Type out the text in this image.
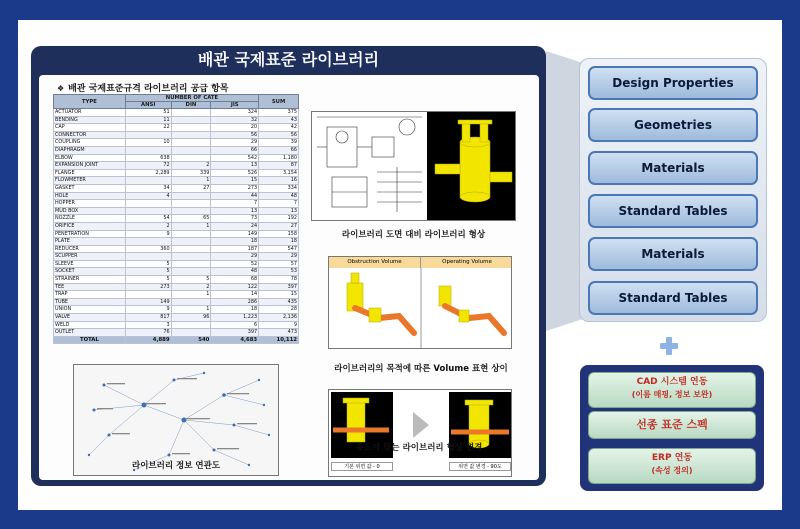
배관 국제표준 라이브러리
❖ 배관 국제표준규격 라이브러리 공급 항목
TYPE	NUMBER OF CATE			SUM
	ANSI	DIN	JIS	
ACTUATOR	51		324	375
BENDING	11		32	43
CAP	22		20	42
CONNECTOR			56	56
COUPLING	10		29	39
DIAPHRAGM			66	66
ELBOW	638		542	1,180
EXPANSION JOINT	72	2	13	87
FLANGE	2,289	339	526	3,154
FLOWMETER		1	15	16
GASKET	34	27	273	334
HOLE	4		44	48
HOPPER			7	7
MUD BOX			13	13
NOZZLE	54	65	73	192
ORIFICE	2	1	24	27
PENETRATION	9		149	158
PLATE			18	18
REDUCER	360		187	547
SCUPPER			29	29
SLEEVE	5		52	57
SOCKET	5		48	53
STRAINER	5	5	68	78
TEE	273	2	122	397
TRAP		1	14	15
TUBE	149		286	435
UNION	9	1	18	28
VALVE	817	96	1,223	2,136
WELD	3		6	9
OUTLET	76		397	473
TOTAL	4,889	540	4,683	10,112
라이브러리 도면 대비 라이브러리 형상
Obstruction Volume	Operating Volume
라이브러리의 목적에 따른 Volume 표현 상이
기본 위면 값 - 0	위면 값 변경 - 90도
라이브러리 정보 연관도
용도에 맞는 라이브러리 형상 변경
Design Properties
Geometries
Materials
Standard Tables
Materials
Standard Tables
CAD 시스템 연동
(이름 매핑, 정보 보완)
선종 표준 스펙
ERP 연동
(속성 정의)
